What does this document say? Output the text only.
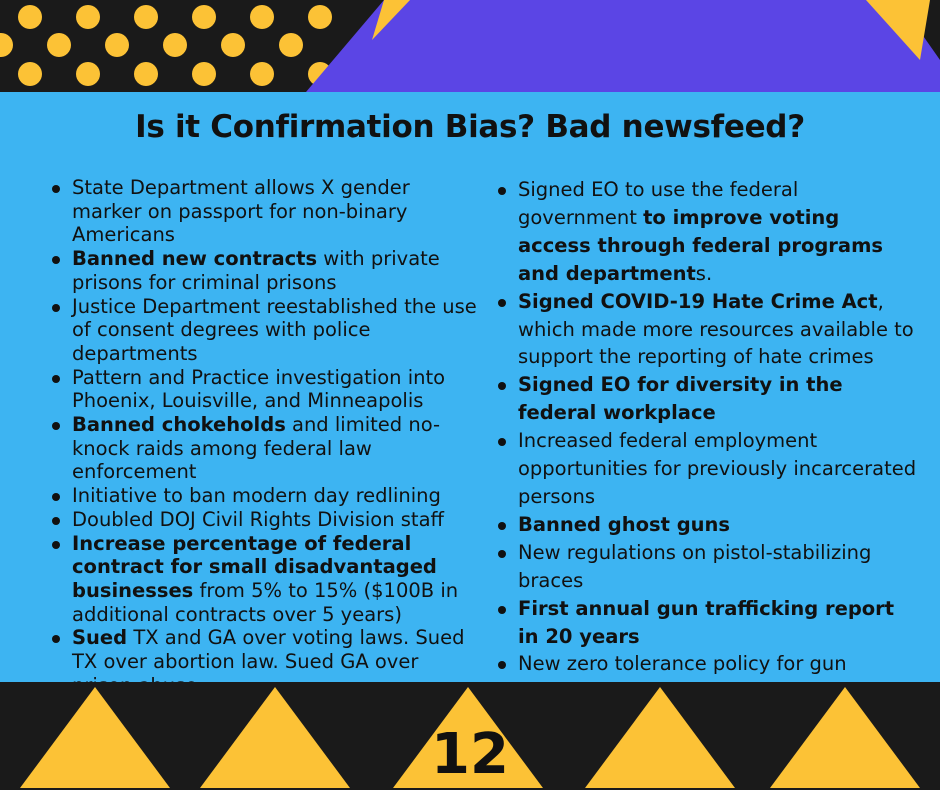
Is it Confirmation Bias? Bad newsfeed?
State Department allows X gender marker on passport for non-binary Americans
Banned new contracts with private prisons for criminal prisons
Justice Department reestablished the use of consent degrees with police departments
Pattern and Practice investigation into Phoenix, Louisville, and Minneapolis
Banned chokeholds and limited no-knock raids among federal law enforcement
Initiative to ban modern day redlining
Doubled DOJ Civil Rights Division staff
Increase percentage of federal contract for small disadvantaged businesses from 5% to 15% ($100B in additional contracts over 5 years)
Sued TX and GA over voting laws. Sued TX over abortion law. Sued GA over
Signed EO to use the federal government to improve voting access through federal programs and departments.
Signed COVID-19 Hate Crime Act, which made more resources available to support the reporting of hate crimes
Signed EO for diversity in the federal workplace
Increased federal employment opportunities for previously incarcerated persons
Banned ghost guns
New regulations on pistol-stabilizing braces
First annual gun trafficking report in 20 years
New zero tolerance policy for gun
12
